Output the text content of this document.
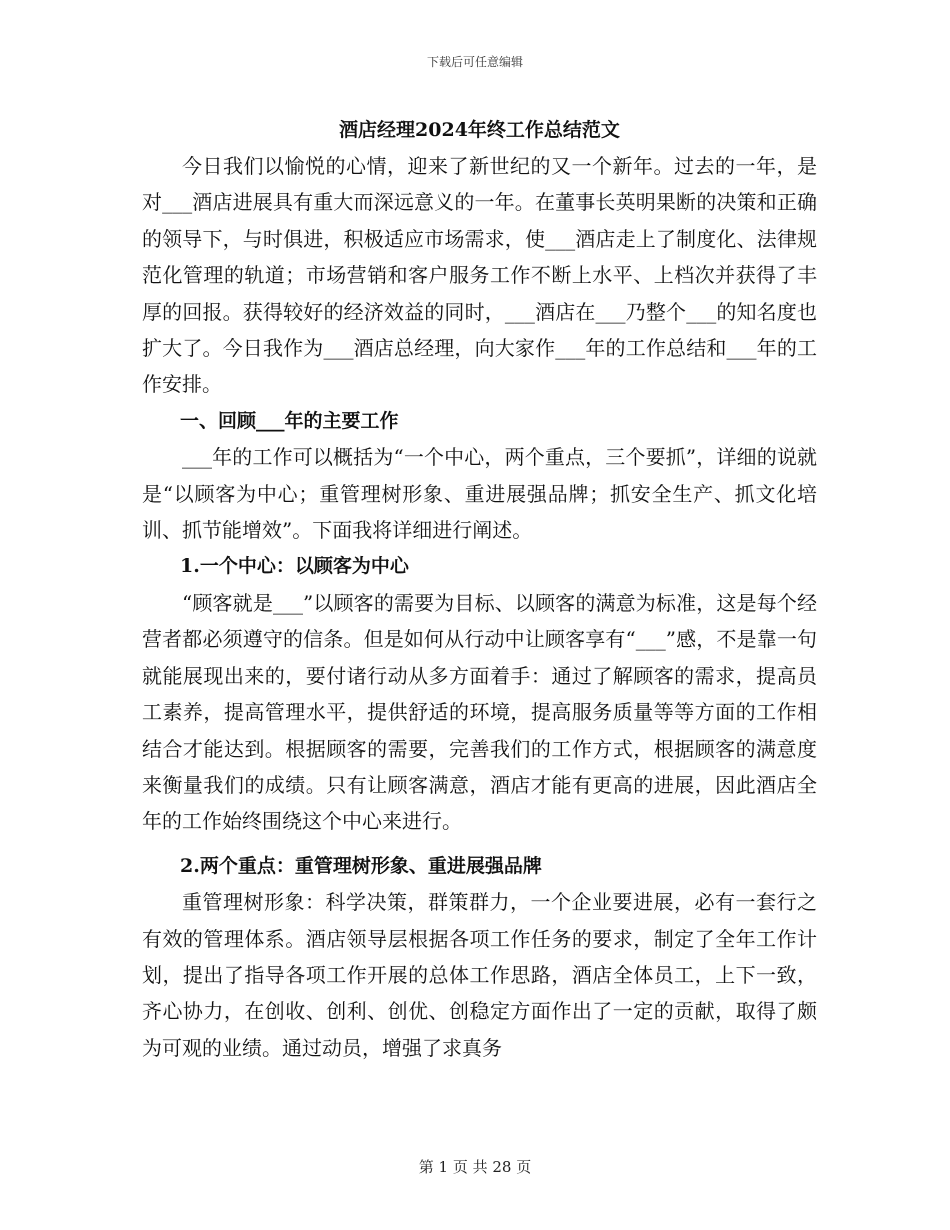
下载后可任意编辑
酒店经理2024年终工作总结范文

今日我们以愉悦的心情，迎来了新世纪的又一个新年。过去的一年，是对___酒店进展具有重大而深远意义的一年。在董事长英明果断的决策和正确的领导下，与时俱进，积极适应市场需求，使___酒店走上了制度化、法律规范化管理的轨道；市场营销和客户服务工作不断上水平、上档次并获得了丰厚的回报。获得较好的经济效益的同时，___酒店在___乃整个___的知名度也扩大了。今日我作为___酒店总经理，向大家作___年的工作总结和___年的工作安排。

一、回顾___年的主要工作

___年的工作可以概括为“一个中心，两个重点，三个要抓”，详细的说就是“以顾客为中心；重管理树形象、重进展强品牌；抓安全生产、抓文化培训、抓节能增效”。下面我将详细进行阐述。

1.一个中心：以顾客为中心

“顾客就是___”以顾客的需要为目标、以顾客的满意为标准，这是每个经营者都必须遵守的信条。但是如何从行动中让顾客享有“___”感，不是靠一句就能展现出来的，要付诸行动从多方面着手：通过了解顾客的需求，提高员工素养，提高管理水平，提供舒适的环境，提高服务质量等等方面的工作相结合才能达到。根据顾客的需要，完善我们的工作方式，根据顾客的满意度来衡量我们的成绩。只有让顾客满意，酒店才能有更高的进展，因此酒店全年的工作始终围绕这个中心来进行。

2.两个重点：重管理树形象、重进展强品牌

重管理树形象：科学决策，群策群力，一个企业要进展，必有一套行之有效的管理体系。酒店领导层根据各项工作任务的要求，制定了全年工作计划，提出了指导各项工作开展的总体工作思路，酒店全体员工，上下一致，齐心协力，在创收、创利、创优、创稳定方面作出了一定的贡献，取得了颇为可观的业绩。通过动员，增强了求真务

第 1 页 共 28 页
